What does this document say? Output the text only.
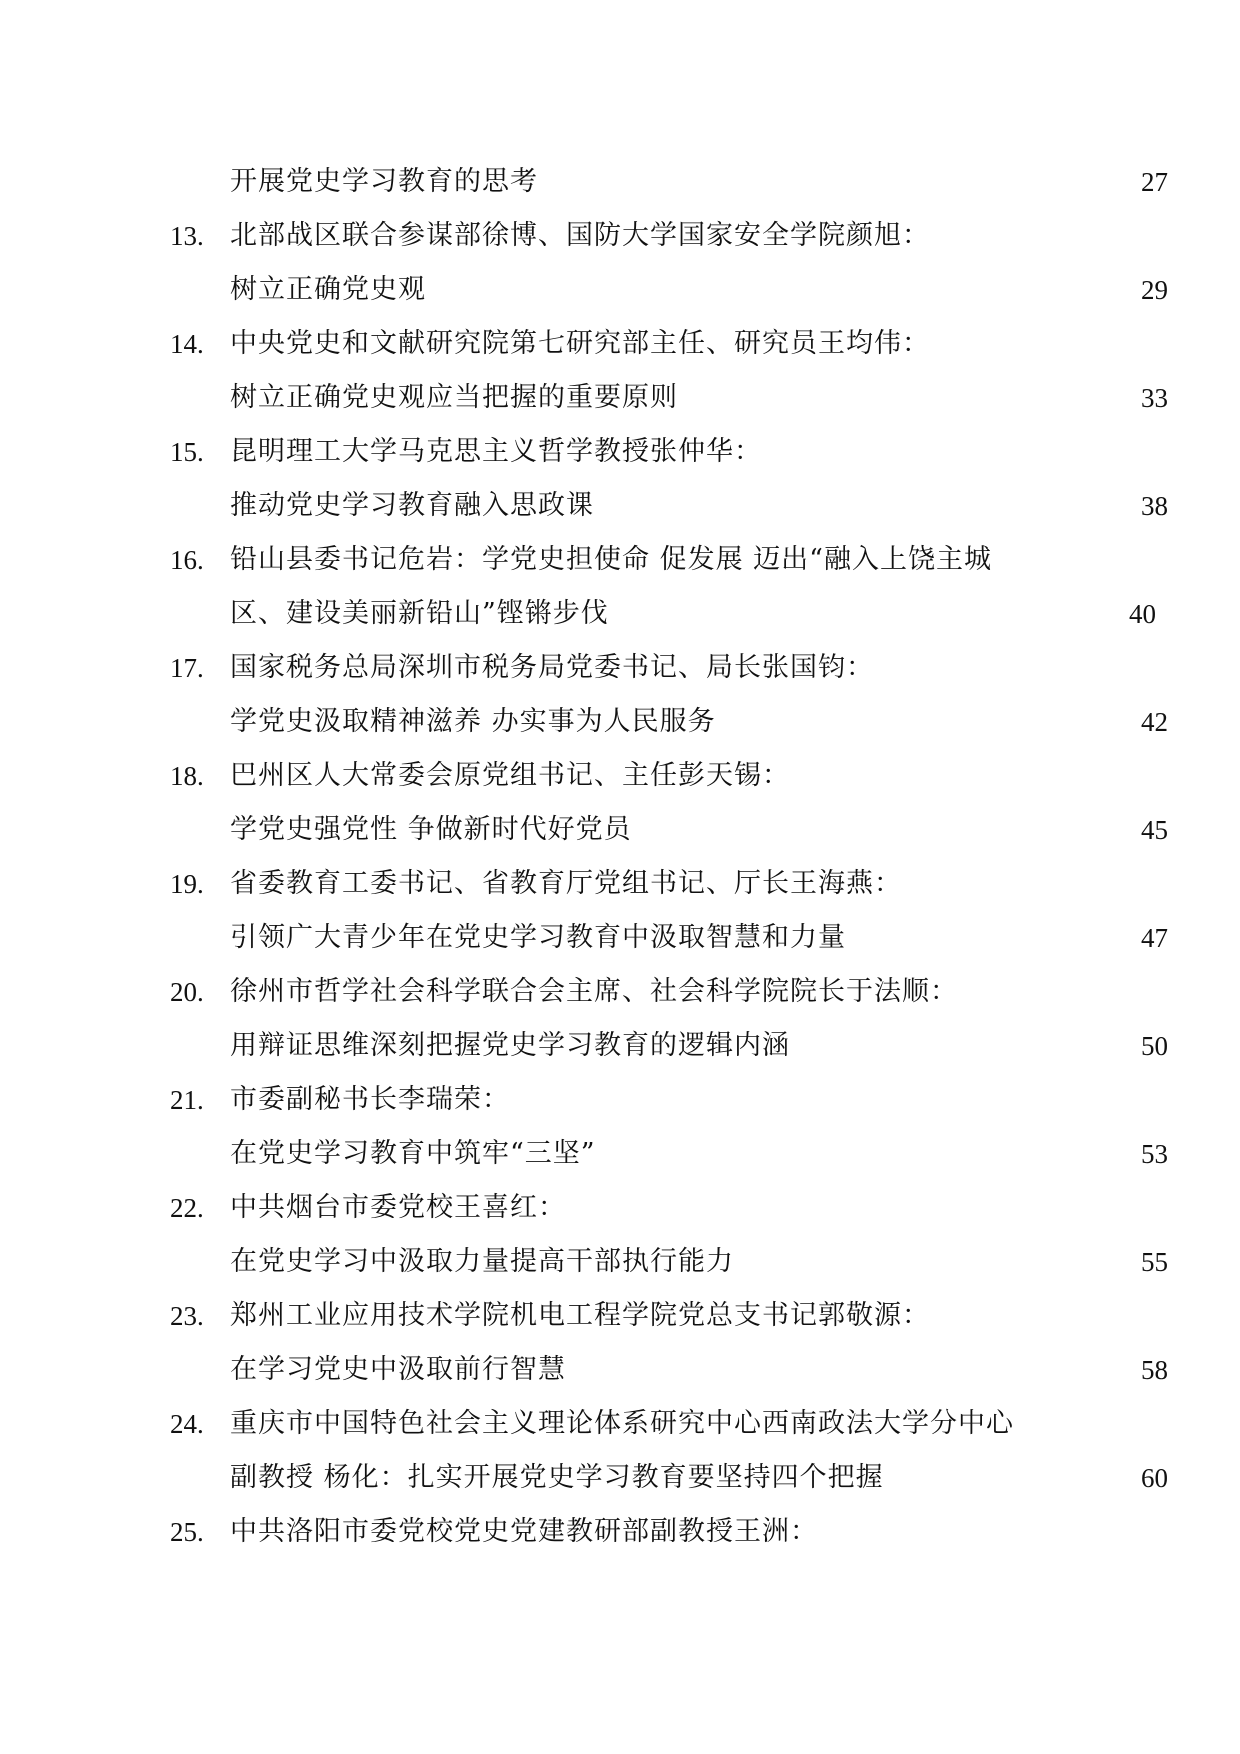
开展党史学习教育的思考	27
13. 北部战区联合参谋部徐博、国防大学国家安全学院颜旭：
树立正确党史观	29
14. 中央党史和文献研究院第七研究部主任、研究员王均伟：
树立正确党史观应当把握的重要原则	33
15. 昆明理工大学马克思主义哲学教授张仲华：
推动党史学习教育融入思政课	38
16. 铅山县委书记危岩：学党史担使命 促发展 迈出“融入上饶主城
区、建设美丽新铅山”铿锵步伐	40
17. 国家税务总局深圳市税务局党委书记、局长张国钧：
学党史汲取精神滋养 办实事为人民服务	42
18. 巴州区人大常委会原党组书记、主任彭天锡：
学党史强党性 争做新时代好党员	45
19. 省委教育工委书记、省教育厅党组书记、厅长王海燕：
引领广大青少年在党史学习教育中汲取智慧和力量	47
20. 徐州市哲学社会科学联合会主席、社会科学院院长于法顺：
用辩证思维深刻把握党史学习教育的逻辑内涵	50
21. 市委副秘书长李瑞荣：
在党史学习教育中筑牢“三坚”	53
22. 中共烟台市委党校王喜红：
在党史学习中汲取力量提高干部执行能力	55
23. 郑州工业应用技术学院机电工程学院党总支书记郭敬源：
在学习党史中汲取前行智慧	58
24. 重庆市中国特色社会主义理论体系研究中心西南政法大学分中心
副教授 杨化：扎实开展党史学习教育要坚持四个把握	60
25. 中共洛阳市委党校党史党建教研部副教授王洲：
